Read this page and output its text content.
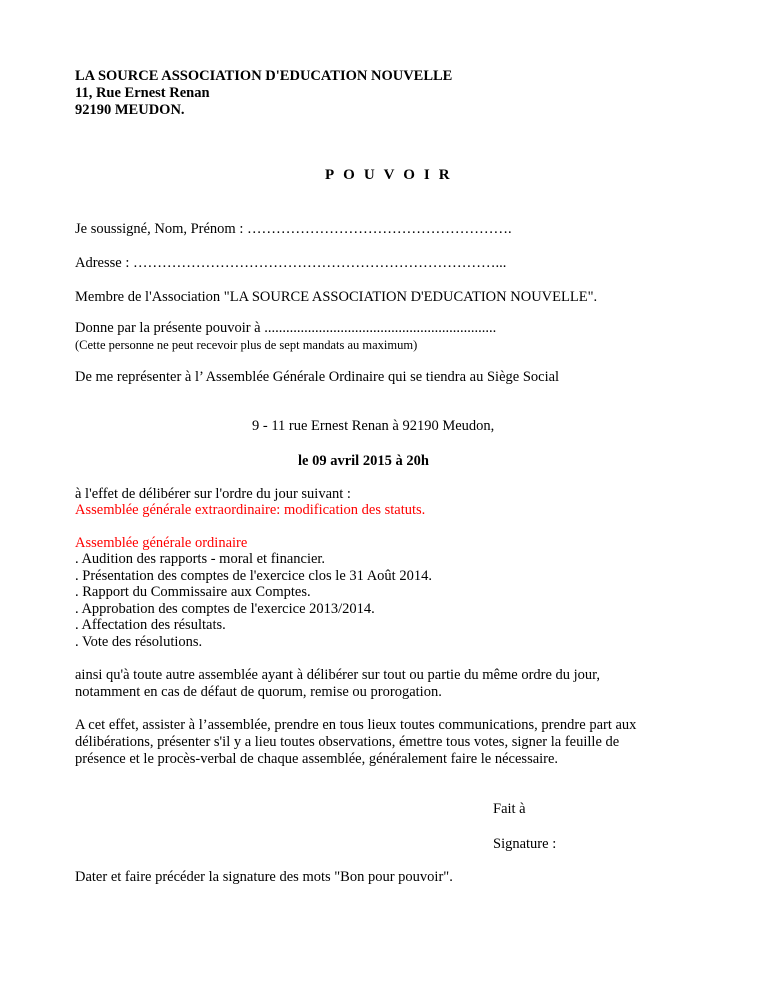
LA SOURCE ASSOCIATION D'EDUCATION NOUVELLE

11, Rue Ernest Renan

92190 MEUDON.

POUVOIR

Je soussigné, Nom, Prénom : ……………………………………………….

Adresse : …………………………………………………………………...

Membre de l'Association "LA SOURCE ASSOCIATION D'EDUCATION NOUVELLE".

Donne par la présente pouvoir à ................................................................

(Cette personne ne peut recevoir plus de sept mandats au maximum)

De me représenter à l’ Assemblée Générale Ordinaire qui se tiendra au Siège Social

9 - 11 rue Ernest Renan à 92190 Meudon,

le 09 avril 2015 à 20h

à l'effet de délibérer sur l'ordre du jour suivant :

Assemblée générale extraordinaire: modification des statuts.

Assemblée générale ordinaire

. Audition des rapports - moral et financier.

. Présentation des comptes de l'exercice clos le 31 Août 2014.

. Rapport du Commissaire aux Comptes.

. Approbation des comptes de l'exercice 2013/2014.

. Affectation des résultats.

. Vote des résolutions.

ainsi qu'à toute autre assemblée ayant à délibérer sur tout ou partie du même ordre du jour,

notamment en cas de défaut de quorum, remise ou prorogation.

A cet effet, assister à l’assemblée, prendre en tous lieux toutes communications, prendre part aux

délibérations, présenter s'il y a lieu toutes observations, émettre tous votes, signer la feuille de

présence et le procès-verbal de chaque assemblée, généralement faire le nécessaire.

Fait à

Signature :

Dater et faire précéder la signature des mots "Bon pour pouvoir".
